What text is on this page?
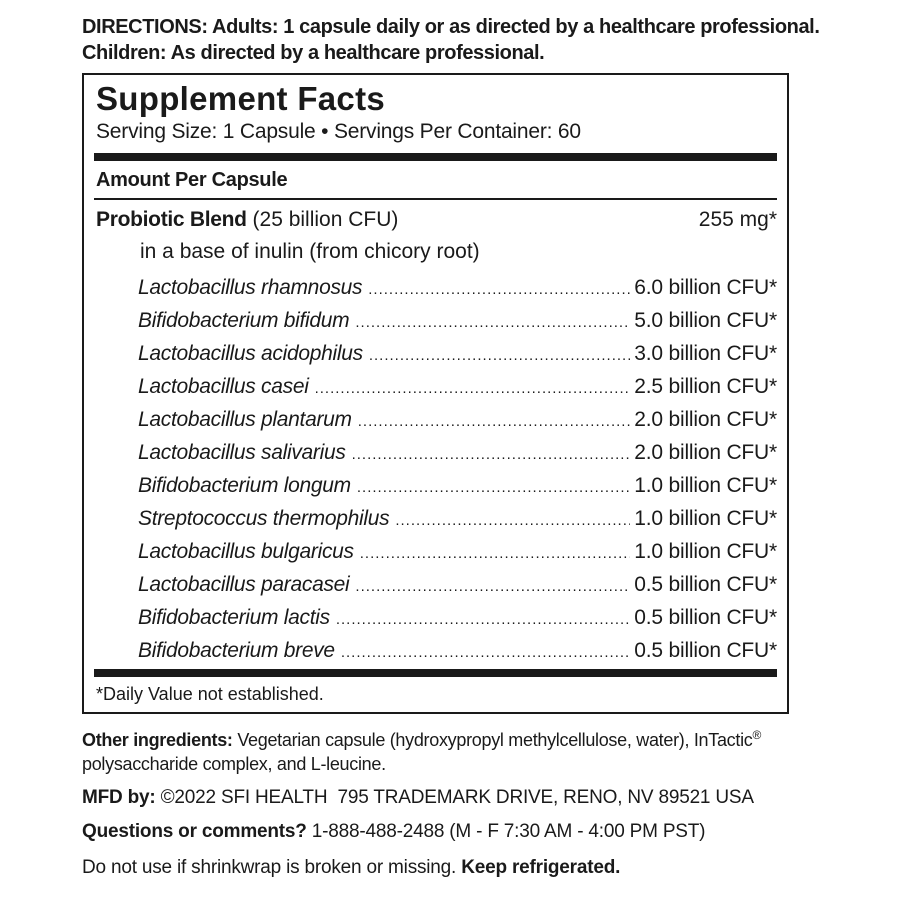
DIRECTIONS: Adults: 1 capsule daily or as directed by a healthcare professional. Children: As directed by a healthcare professional.
Supplement Facts
Serving Size: 1 Capsule • Servings Per Container: 60
Amount Per Capsule
Probiotic Blend (25 billion CFU)	255 mg*
in a base of inulin (from chicory root)
Lactobacillus rhamnosus .....	6.0 billion CFU*
Bifidobacterium bifidum .....	5.0 billion CFU*
Lactobacillus acidophilus .....	3.0 billion CFU*
Lactobacillus casei .....	2.5 billion CFU*
Lactobacillus plantarum .....	2.0 billion CFU*
Lactobacillus salivarius .....	2.0 billion CFU*
Bifidobacterium longum .....	1.0 billion CFU*
Streptococcus thermophilus .....	1.0 billion CFU*
Lactobacillus bulgaricus .....	1.0 billion CFU*
Lactobacillus paracasei .....	0.5 billion CFU*
Bifidobacterium lactis .....	0.5 billion CFU*
Bifidobacterium breve .....	0.5 billion CFU*
*Daily Value not established.
Other ingredients: Vegetarian capsule (hydroxypropyl methylcellulose, water), InTactic® polysaccharide complex, and L-leucine.
MFD by: ©2022 SFI HEALTH  795 TRADEMARK DRIVE, RENO, NV 89521 USA
Questions or comments? 1-888-488-2488 (M - F 7:30 AM - 4:00 PM PST)
Do not use if shrinkwrap is broken or missing. Keep refrigerated.
